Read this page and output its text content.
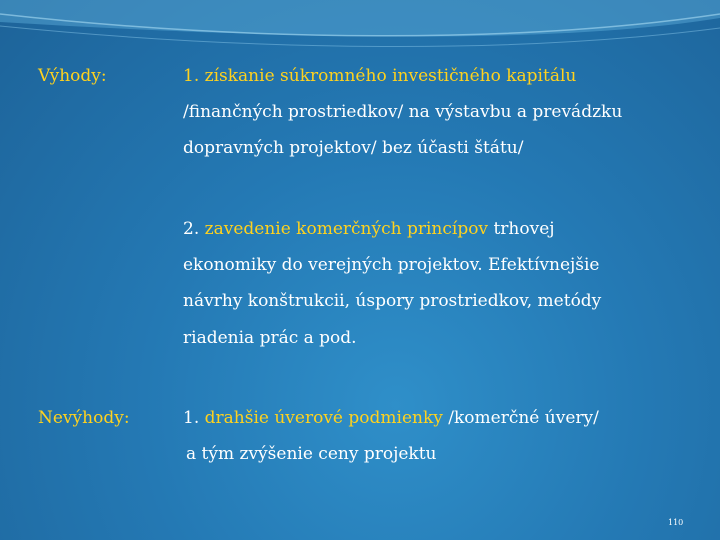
Výhody:	1. získanie súkromného investičného kapitálu
/finančných prostriedkov/ na výstavbu a prevádzku
dopravných projektov/ bez účasti štátu/
2. zavedenie komerčných princípov trhovej
ekonomiky do verejných projektov. Efektívnejšie
návrhy konštrukcii, úspory prostriedkov, metódy
riadenia prác a pod.
Nevýhody:	1. drahšie úverové podmienky /komerčné úvery/
a tým zvýšenie ceny projektu
110
